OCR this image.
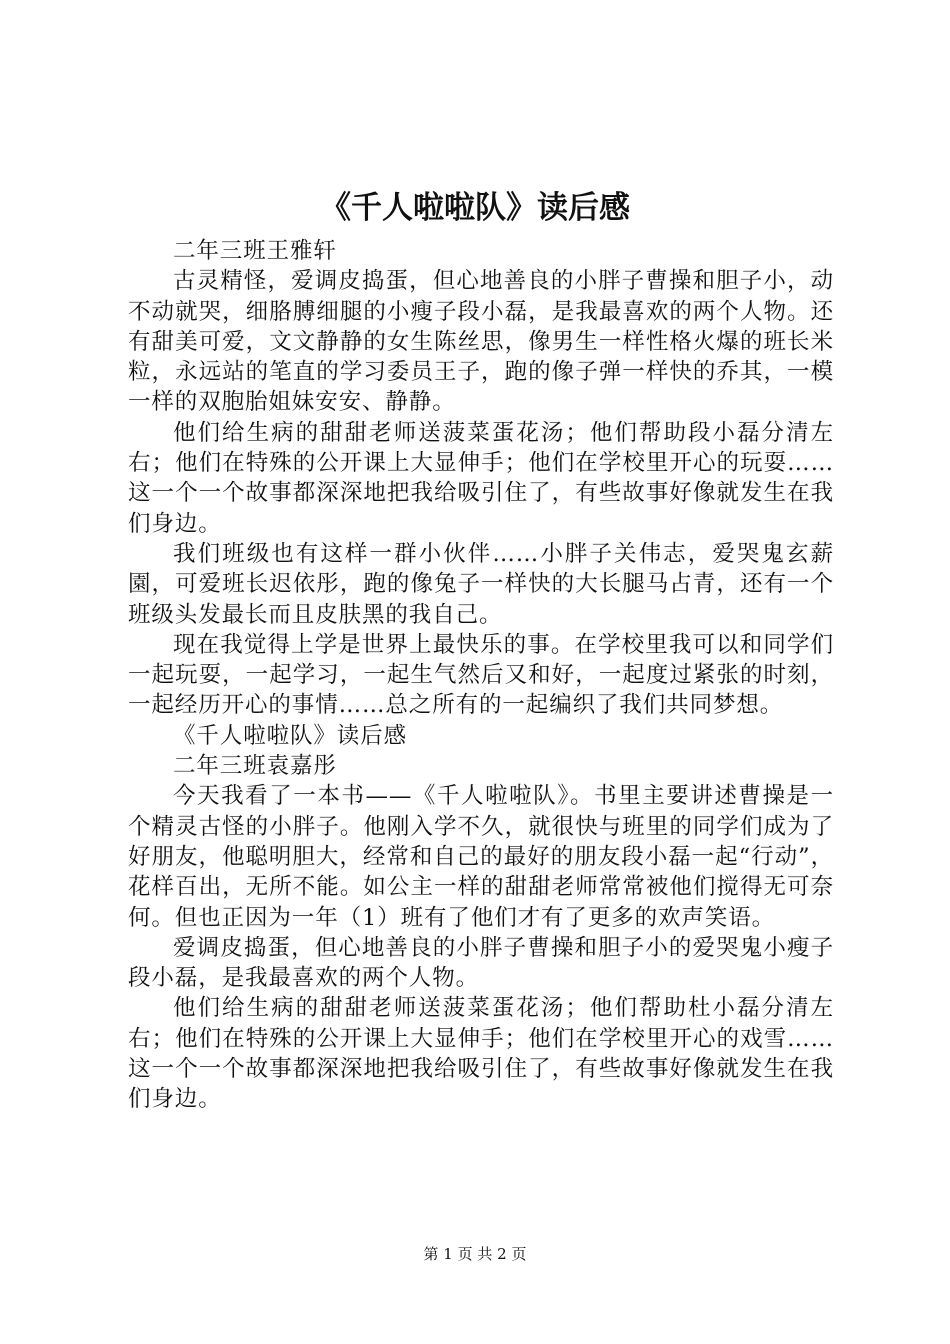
《千人啦啦队》读后感

二年三班王雅轩

古灵精怪，爱调皮捣蛋，但心地善良的小胖子曹操和胆子小，动不动就哭，细胳膊细腿的小瘦子段小磊，是我最喜欢的两个人物。还有甜美可爱，文文静静的女生陈丝思，像男生一样性格火爆的班长米粒，永远站的笔直的学习委员王子，跑的像子弹一样快的乔其，一模一样的双胞胎姐妹安安、静静。

他们给生病的甜甜老师送菠菜蛋花汤；他们帮助段小磊分清左右；他们在特殊的公开课上大显伸手；他们在学校里开心的玩耍……这一个一个故事都深深地把我给吸引住了，有些故事好像就发生在我们身边。

我们班级也有这样一群小伙伴……小胖子关伟志，爱哭鬼玄薪園，可爱班长迟依彤，跑的像兔子一样快的大长腿马占青，还有一个班级头发最长而且皮肤黑的我自己。

现在我觉得上学是世界上最快乐的事。在学校里我可以和同学们一起玩耍，一起学习，一起生气然后又和好，一起度过紧张的时刻，一起经历开心的事情……总之所有的一起编织了我们共同梦想。

《千人啦啦队》读后感

二年三班袁嘉彤

今天我看了一本书——《千人啦啦队》。书里主要讲述曹操是一个精灵古怪的小胖子。他刚入学不久，就很快与班里的同学们成为了好朋友，他聪明胆大，经常和自己的最好的朋友段小磊一起“行动”，花样百出，无所不能。如公主一样的甜甜老师常常被他们搅得无可奈何。但也正因为一年（1）班有了他们才有了更多的欢声笑语。

爱调皮捣蛋，但心地善良的小胖子曹操和胆子小的爱哭鬼小瘦子段小磊，是我最喜欢的两个人物。

他们给生病的甜甜老师送菠菜蛋花汤；他们帮助杜小磊分清左右；他们在特殊的公开课上大显伸手；他们在学校里开心的戏雪……这一个一个故事都深深地把我给吸引住了，有些故事好像就发生在我们身边。

第 1 页 共 2 页
